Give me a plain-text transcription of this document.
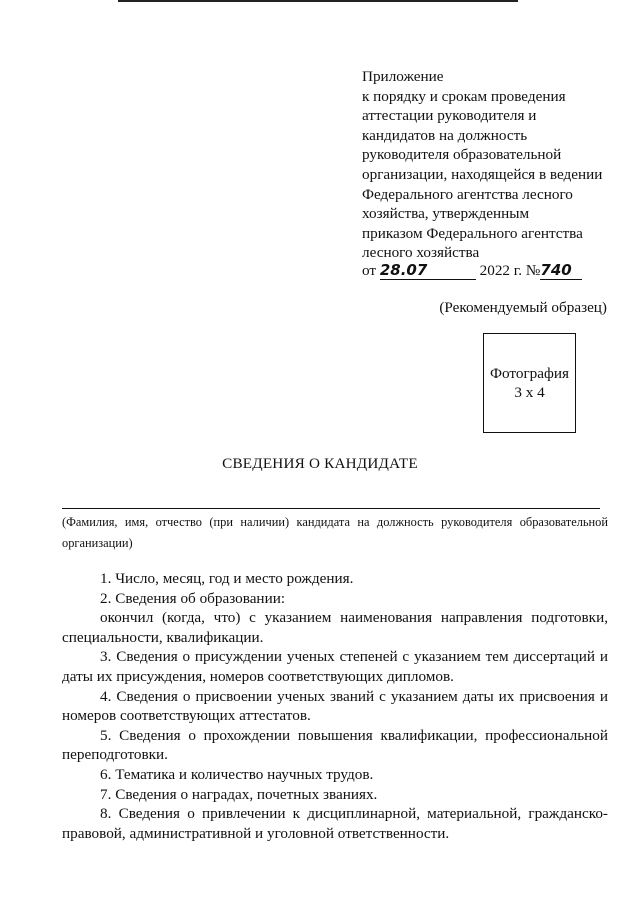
Приложение
к порядку и срокам проведения
аттестации руководителя и
кандидатов на должность
руководителя образовательной
организации, находящейся в ведении
Федерального агентства лесного
хозяйства, утвержденным
приказом Федерального агентства
лесного хозяйства
от 28.07	2022 г. №740
(Рекомендуемый образец)
Фотография
3 х 4
СВЕДЕНИЯ О КАНДИДАТЕ
(Фамилия, имя, отчество (при наличии) кандидата на должность руководителя образовательной организации)

1. Число, месяц, год и место рождения.

2. Сведения об образовании:

окончил (когда, что) с указанием наименования направления подготовки, специальности, квалификации.

3. Сведения о присуждении ученых степеней с указанием тем диссертаций и даты их присуждения, номеров соответствующих дипломов.

4. Сведения о присвоении ученых званий с указанием даты их присвоения и номеров соответствующих аттестатов.

5. Сведения о прохождении повышения квалификации, профессиональной переподготовки.

6. Тематика и количество научных трудов.

7. Сведения о наградах, почетных званиях.

8. Сведения о привлечении к дисциплинарной, материальной, гражданско-правовой, административной и уголовной ответственности.
